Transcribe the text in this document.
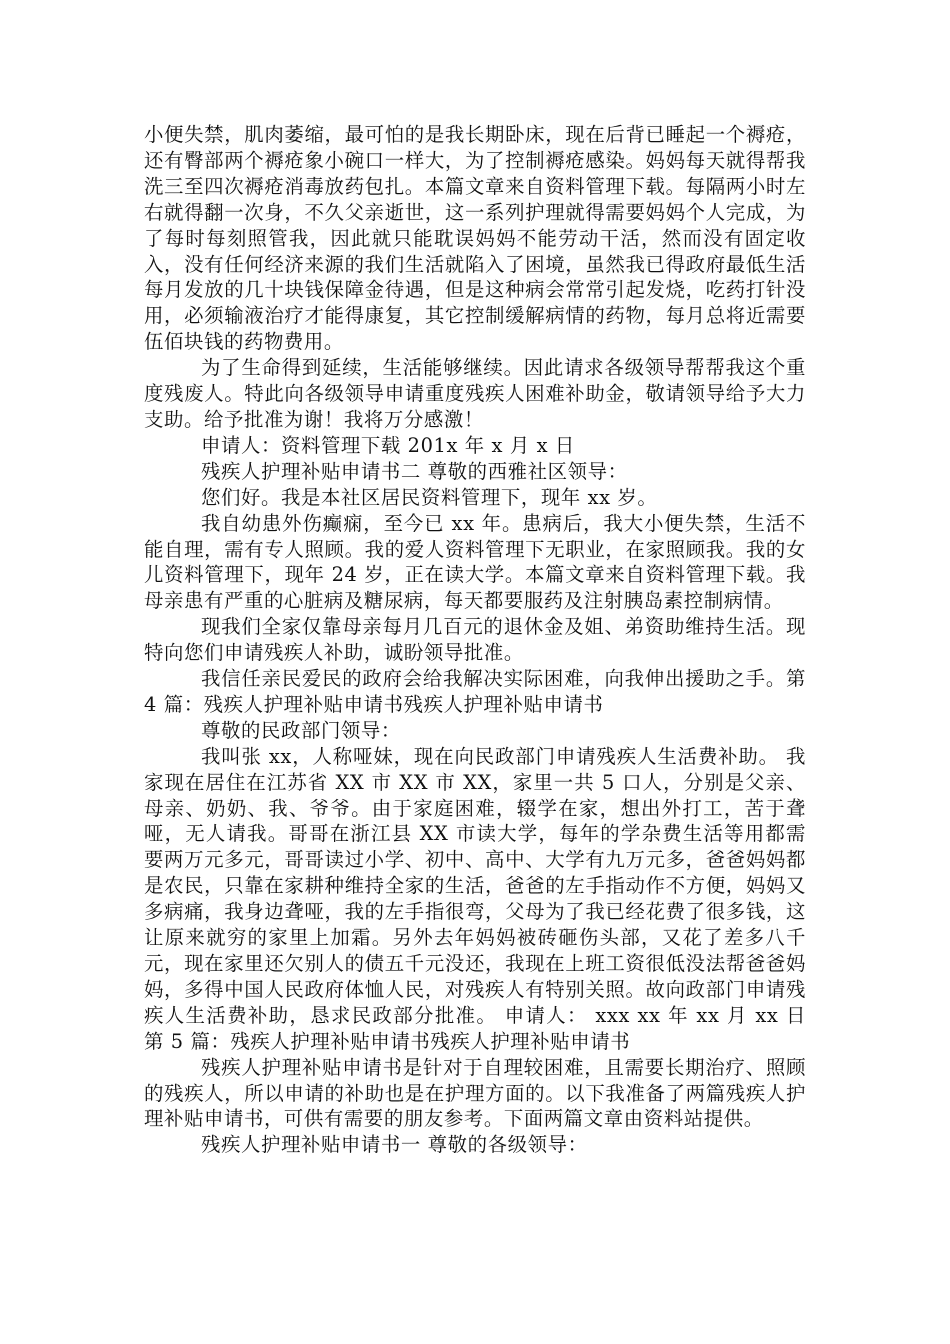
小便失禁，肌肉萎缩，最可怕的是我长期卧床，现在后背已睡起一个褥疮，还有臀部两个褥疮象小碗口一样大，为了控制褥疮感染。妈妈每天就得帮我洗三至四次褥疮消毒放药包扎。本篇文章来自资料管理下载。每隔两小时左右就得翻一次身，不久父亲逝世，这一系列护理就得需要妈妈个人完成，为了每时每刻照管我，因此就只能耽误妈妈不能劳动干活，然而没有固定收入，没有任何经济来源的我们生活就陷入了困境，虽然我已得政府最低生活每月发放的几十块钱保障金待遇，但是这种病会常常引起发烧，吃药打针没用，必须输液治疗才能得康复，其它控制缓解病情的药物，每月总将近需要伍佰块钱的药物费用。

为了生命得到延续，生活能够继续。因此请求各级领导帮帮我这个重度残废人。特此向各级领导申请重度残疾人困难补助金，敬请领导给予大力支助。给予批准为谢！我将万分感激！

申请人：资料管理下载 201x 年 x 月 x 日

残疾人护理补贴申请书二 尊敬的西雅社区领导：

您们好。我是本社区居民资料管理下，现年 xx 岁。

我自幼患外伤癫痫，至今已 xx 年。患病后，我大小便失禁，生活不能自理，需有专人照顾。我的爱人资料管理下无职业，在家照顾我。我的女儿资料管理下，现年 24 岁，正在读大学。本篇文章来自资料管理下载。我母亲患有严重的心脏病及糖尿病，每天都要服药及注射胰岛素控制病情。

现我们全家仅靠母亲每月几百元的退休金及姐、弟资助维持生活。现特向您们申请残疾人补助，诚盼领导批准。

我信任亲民爱民的政府会给我解决实际困难，向我伸出援助之手。第 4 篇：残疾人护理补贴申请书残疾人护理补贴申请书

尊敬的民政部门领导：

我叫张 xx，人称哑妹，现在向民政部门申请残疾人生活费补助。 我家现在居住在江苏省 XX 市 XX 市 XX，家里一共 5 口人，分别是父亲、母亲、奶奶、我、爷爷。由于家庭困难，辍学在家，想出外打工，苦于聋哑，无人请我。哥哥在浙江县 XX 市读大学，每年的学杂费生活等用都需要两万元多元，哥哥读过小学、初中、高中、大学有九万元多，爸爸妈妈都是农民，只靠在家耕种维持全家的生活，爸爸的左手指动作不方便，妈妈又多病痛，我身边聋哑，我的左手指很弯，父母为了我已经花费了很多钱，这让原来就穷的家里上加霜。另外去年妈妈被砖砸伤头部，又花了差多八千元，现在家里还欠别人的债五千元没还，我现在上班工资很低没法帮爸爸妈妈，多得中国人民政府体恤人民，对残疾人有特别关照。故向政部门申请残疾人生活费补助，恳求民政部分批准。 申请人： xxx xx 年 xx 月 xx 日 第 5 篇：残疾人护理补贴申请书残疾人护理补贴申请书

残疾人护理补贴申请书是针对于自理较困难，且需要长期治疗、照顾的残疾人，所以申请的补助也是在护理方面的。以下我准备了两篇残疾人护理补贴申请书，可供有需要的朋友参考。下面两篇文章由资料站提供。

残疾人护理补贴申请书一 尊敬的各级领导：
